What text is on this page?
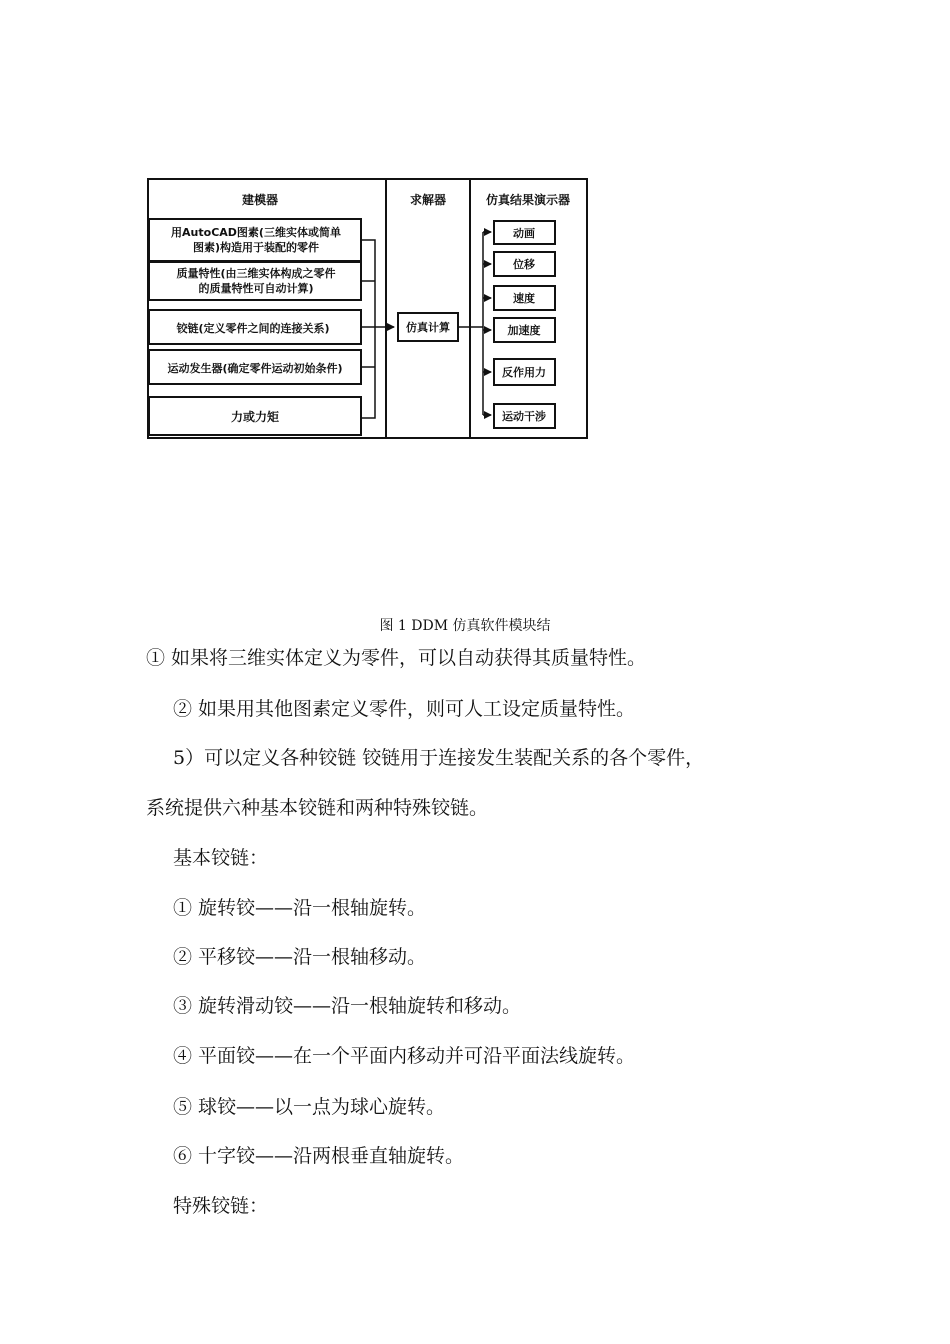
建模器	求解器	仿真结果演示器
用AutoCAD图素(三维实体或简单
图素)构造用于装配的零件
质量特性(由三维实体构成之零件
的质量特性可自动计算)
铰链(定义零件之间的连接关系)
运动发生器(确定零件运动初始条件)
力或力矩
仿真计算
动画
位移
速度
加速度
反作用力
运动干涉
图 1 DDM 仿真软件模块结
① 如果将三维实体定义为零件，可以自动获得其质量特性。
② 如果用其他图素定义零件，则可人工设定质量特性。
5）可以定义各种铰链 铰链用于连接发生装配关系的各个零件，
系统提供六种基本铰链和两种特殊铰链。
基本铰链：
① 旋转铰——沿一根轴旋转。
② 平移铰——沿一根轴移动。
③ 旋转滑动铰——沿一根轴旋转和移动。
④ 平面铰——在一个平面内移动并可沿平面法线旋转。
⑤ 球铰——以一点为球心旋转。
⑥ 十字铰——沿两根垂直轴旋转。
特殊铰链：
